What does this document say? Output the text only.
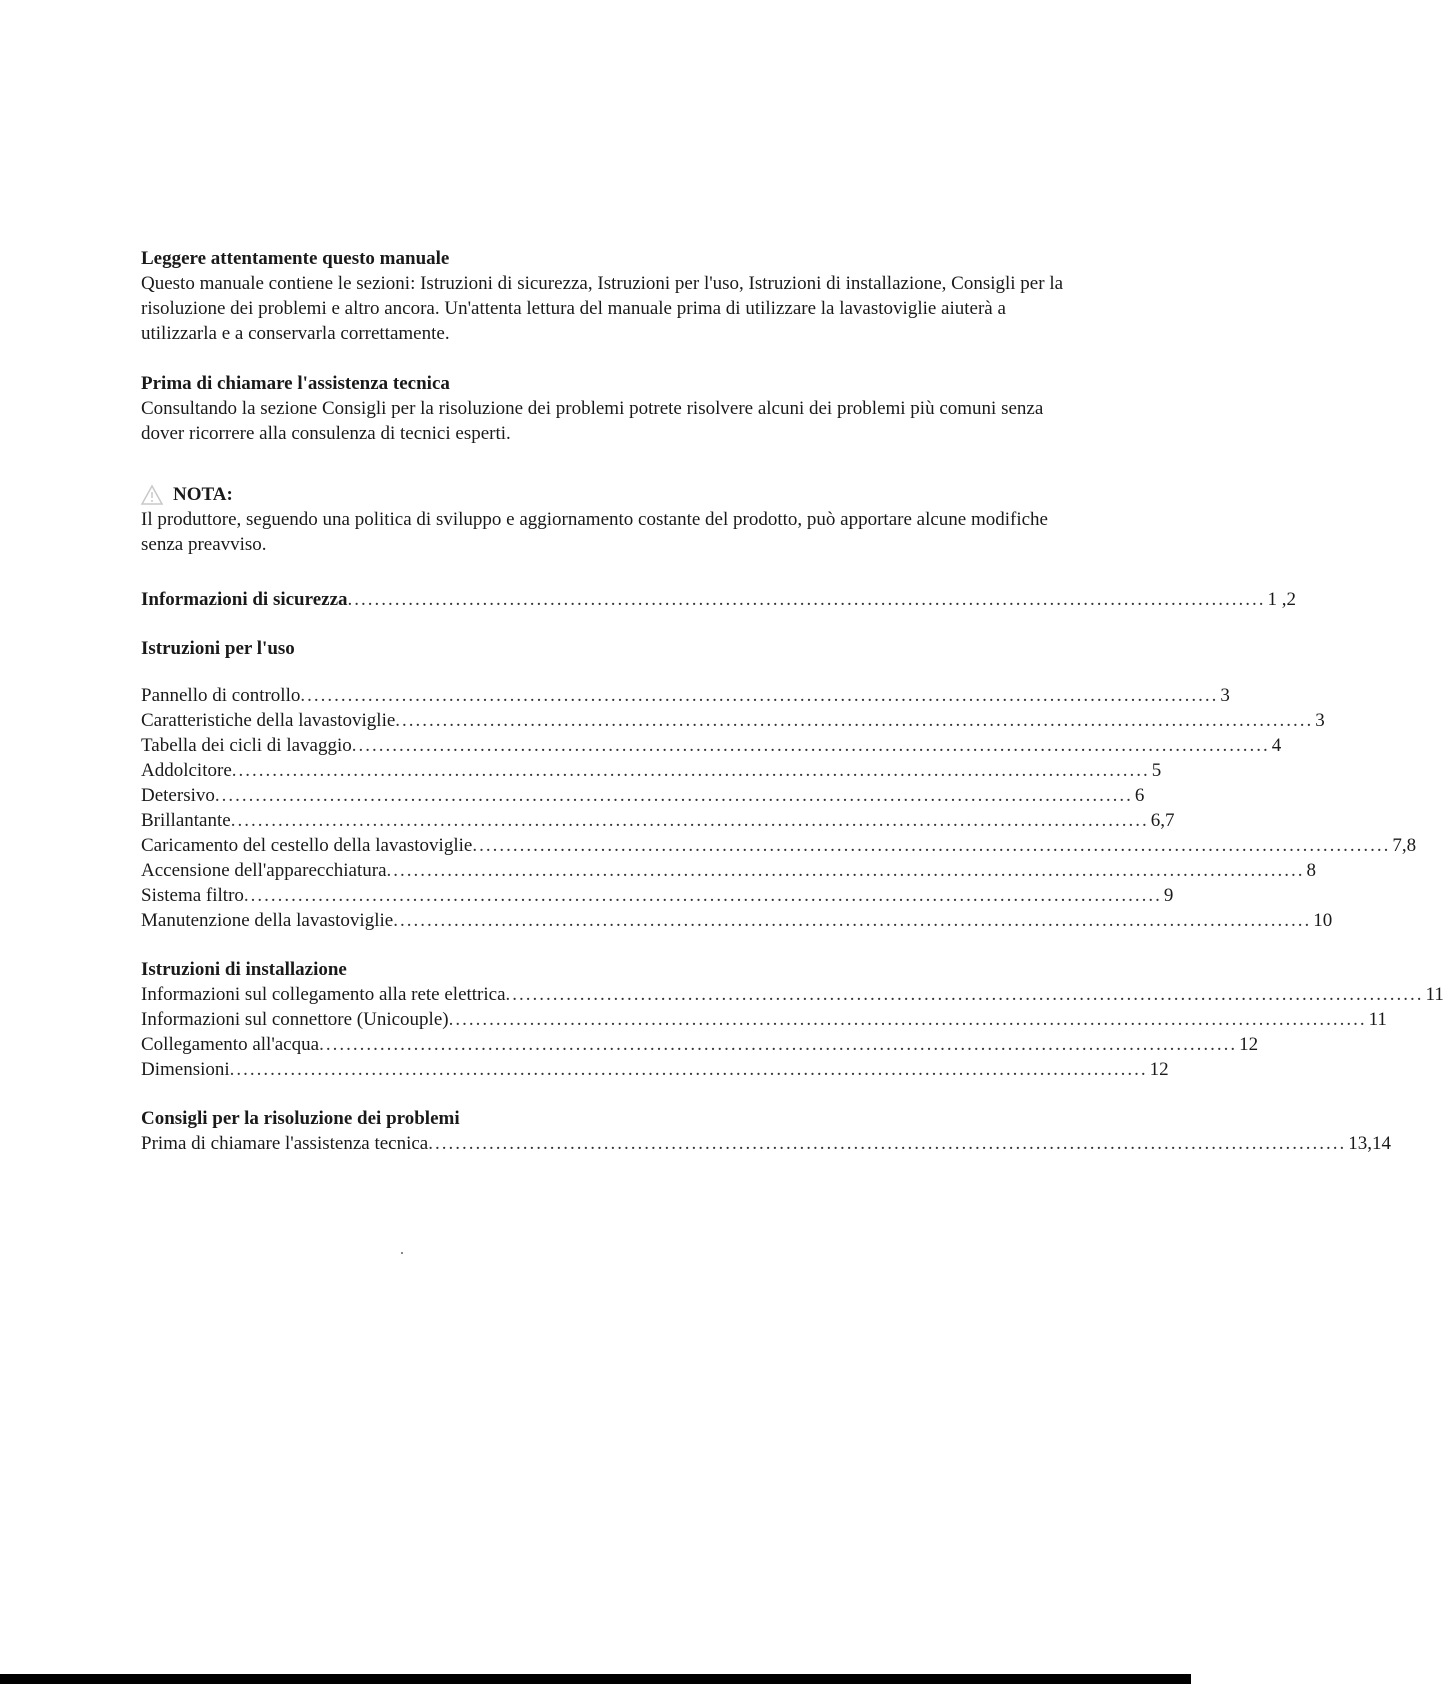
Leggere attentamente questo manuale

Questo manuale contiene le sezioni: Istruzioni di sicurezza, Istruzioni per l'uso, Istruzioni di installazione, Consigli per la risoluzione dei problemi e altro ancora. Un'attenta lettura del manuale prima di utilizzare la lavastoviglie aiuterà a utilizzarla e a conservarla correttamente.

Prima di chiamare l'assistenza tecnica

Consultando la sezione Consigli per la risoluzione dei problemi potrete risolvere alcuni dei problemi più comuni senza dover ricorrere alla consulenza di tecnici esperti.

NOTA:

Il produttore, seguendo una politica di sviluppo e aggiornamento costante del prodotto, può apportare alcune modifiche senza preavviso.

Informazioni di sicurezza ........................................................................................................................................ 1 ,2

Istruzioni per l'uso

Pannello di controllo ........................................................................................................................................ 3
Caratteristiche della lavastoviglie ........................................................................................................................................ 3
Tabella dei cicli di lavaggio ........................................................................................................................................ 4
Addolcitore ........................................................................................................................................ 5
Detersivo ........................................................................................................................................ 6
Brillantante ........................................................................................................................................ 6,7
Caricamento del cestello della lavastoviglie ........................................................................................................................................ 7,8
Accensione dell'apparecchiatura ........................................................................................................................................ 8
Sistema filtro ........................................................................................................................................ 9
Manutenzione della lavastoviglie ........................................................................................................................................ 10

Istruzioni di installazione

Informazioni sul collegamento alla rete elettrica ........................................................................................................................................ 11
Informazioni sul connettore (Unicouple) ........................................................................................................................................ 11
Collegamento all'acqua ........................................................................................................................................ 12
Dimensioni ........................................................................................................................................ 12

Consigli per la risoluzione dei problemi

Prima di chiamare l'assistenza tecnica ........................................................................................................................................ 13,14
